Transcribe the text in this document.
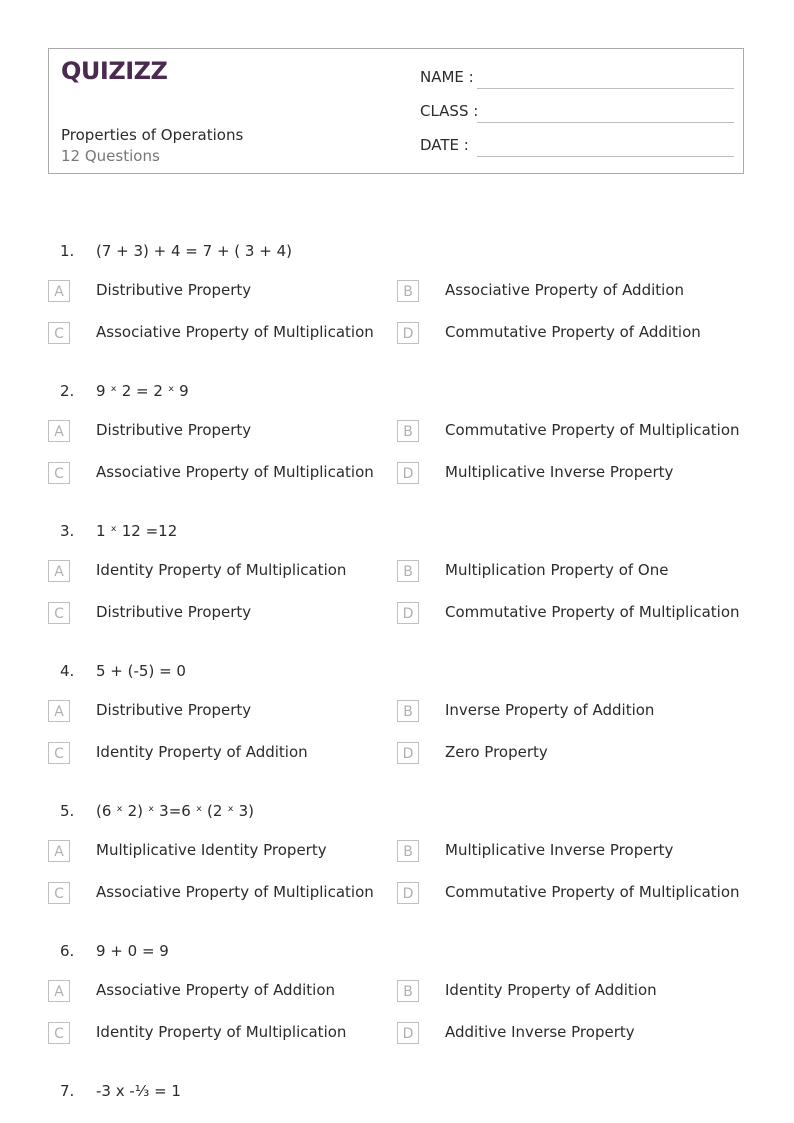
QUIZIZZ
Properties of Operations
12 Questions
NAME :
CLASS :
DATE :
1. (7 + 3) + 4 = 7 + ( 3 + 4)
A	Distributive Property	B	Associative Property of Addition
C	Associative Property of Multiplication	D	Commutative Property of Addition
2. 9 ˣ 2 = 2 ˣ 9
A	Distributive Property	B	Commutative Property of Multiplication
C	Associative Property of Multiplication	D	Multiplicative Inverse Property
3. 1 ˣ 12 =12
A	Identity Property of Multiplication	B	Multiplication Property of One
C	Distributive Property	D	Commutative Property of Multiplication
4. 5 + (-5) = 0
A	Distributive Property	B	Inverse Property of Addition
C	Identity Property of Addition	D	Zero Property
5. (6 ˣ 2) ˣ 3=6 ˣ (2 ˣ 3)
A	Multiplicative Identity Property	B	Multiplicative Inverse Property
C	Associative Property of Multiplication	D	Commutative Property of Multiplication
6. 9 + 0 = 9
A	Associative Property of Addition	B	Identity Property of Addition
C	Identity Property of Multiplication	D	Additive Inverse Property
7. -3 x -⅓ = 1
